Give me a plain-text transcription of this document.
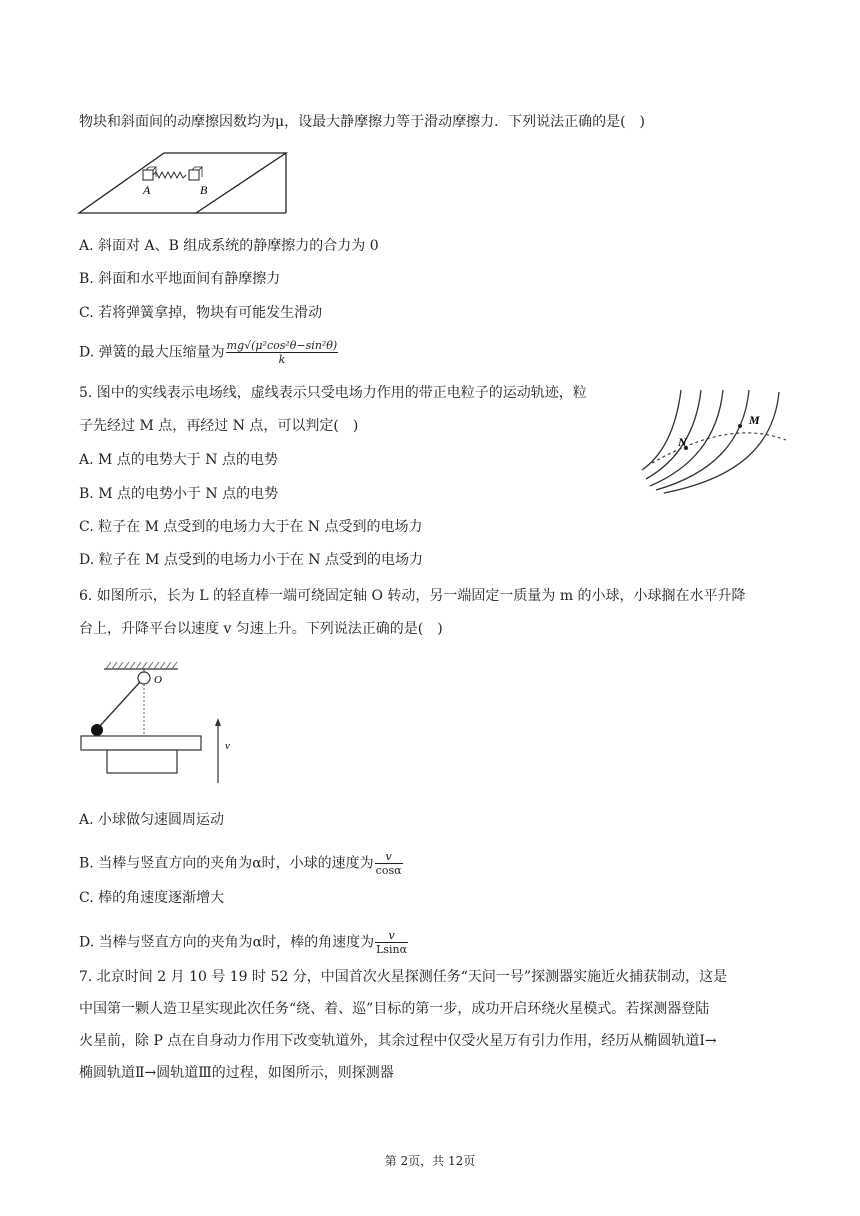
物块和斜面间的动摩擦因数均为μ，设最大静摩擦力等于滑动摩擦力．下列说法正确的是(　)
A	B
A. 斜面对 A、B 组成系统的静摩擦力的合力为 0
B. 斜面和水平地面间有静摩擦力
C. 若将弹簧拿掉，物块有可能发生滑动
D. 弹簧的最大压缩量为 $\frac{\text{mg√(μ²cos²θ−sin²θ)}}{k}$
5. 图中的实线表示电场线，虚线表示只受电场力作用的带正电粒子的运动轨迹，粒
子先经过 M 点，再经过 N 点，可以判定(　)
N
M
A. M 点的电势大于 N 点的电势
B. M 点的电势小于 N 点的电势
C. 粒子在 M 点受到的电场力大于在 N 点受到的电场力
D. 粒子在 M 点受到的电场力小于在 N 点受到的电场力
6. 如图所示，长为 L 的轻直棒一端可绕固定轴 O 转动，另一端固定一质量为 m 的小球，小球搁在水平升降
台上，升降平台以速度 v 匀速上升。下列说法正确的是(　)
O
v
A. 小球做匀速圆周运动
B. 当棒与竖直方向的夹角为α时，小球的速度为 $\frac{v}{\cos\alpha}$
C. 棒的角速度逐渐增大
D. 当棒与竖直方向的夹角为α时，棒的角速度为 $\frac{v}{Lsin\alpha}$
7. 北京时间 2 月 10 号 19 时 52 分，中国首次火星探测任务“天问一号”探测器实施近火捕获制动，这是
中国第一颗人造卫星实现此次任务“绕、着、巡”目标的第一步，成功开启环绕火星模式。若探测器登陆
火星前，除 P 点在自身动力作用下改变轨道外，其余过程中仅受火星万有引力作用，经历从椭圆轨道Ⅰ→
椭圆轨道Ⅱ→圆轨道Ⅲ的过程，如图所示，则探测器
第 2页，共 12页
